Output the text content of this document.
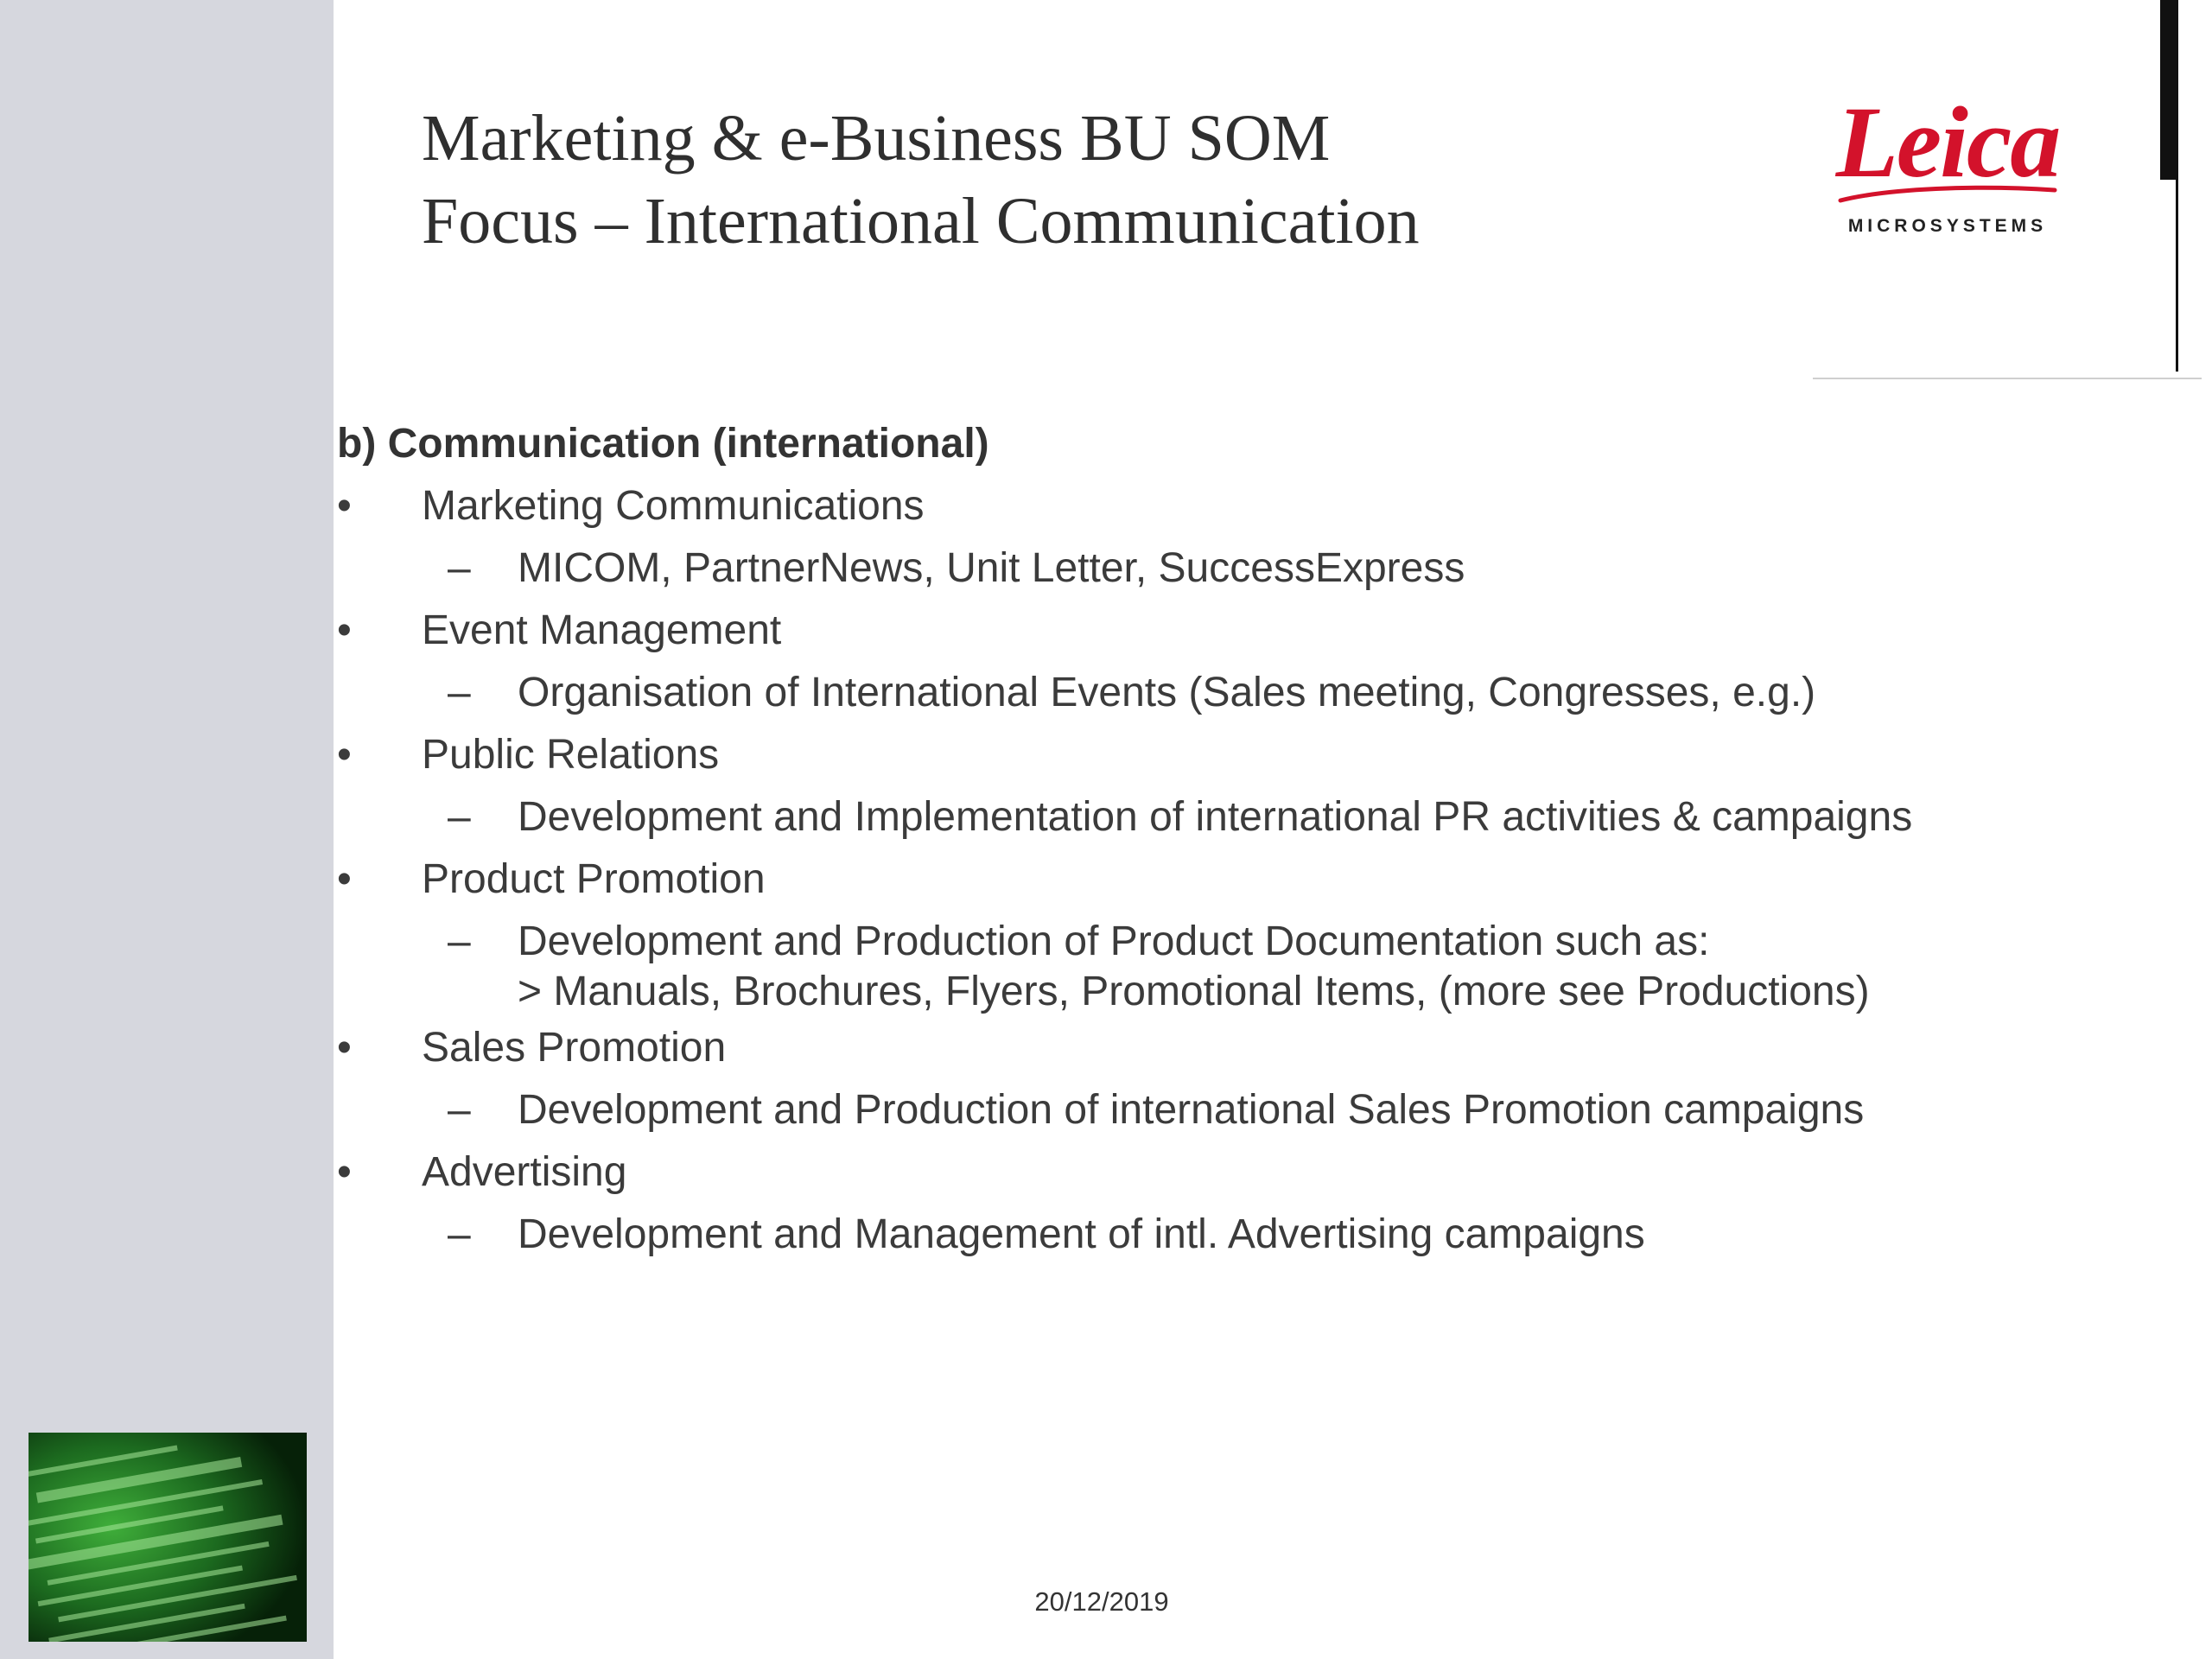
Marketing & e-Business BU SOM
Focus – International Communication
Leica
MICROSYSTEMS
b) Communication (international)
•	Marketing Communications
–	MICOM, PartnerNews, Unit Letter, SuccessExpress
•	Event Management
–	Organisation of International Events (Sales meeting, Congresses, e.g.)
•	Public Relations
–	Development and Implementation of international PR activities & campaigns
•	Product Promotion
–	Development and Production of Product Documentation such as:
> Manuals, Brochures, Flyers, Promotional Items, (more see Productions)
•	Sales Promotion
–	Development and Production of international Sales Promotion campaigns
•	Advertising
–	Development and Management of intl. Advertising campaigns
20/12/2019
